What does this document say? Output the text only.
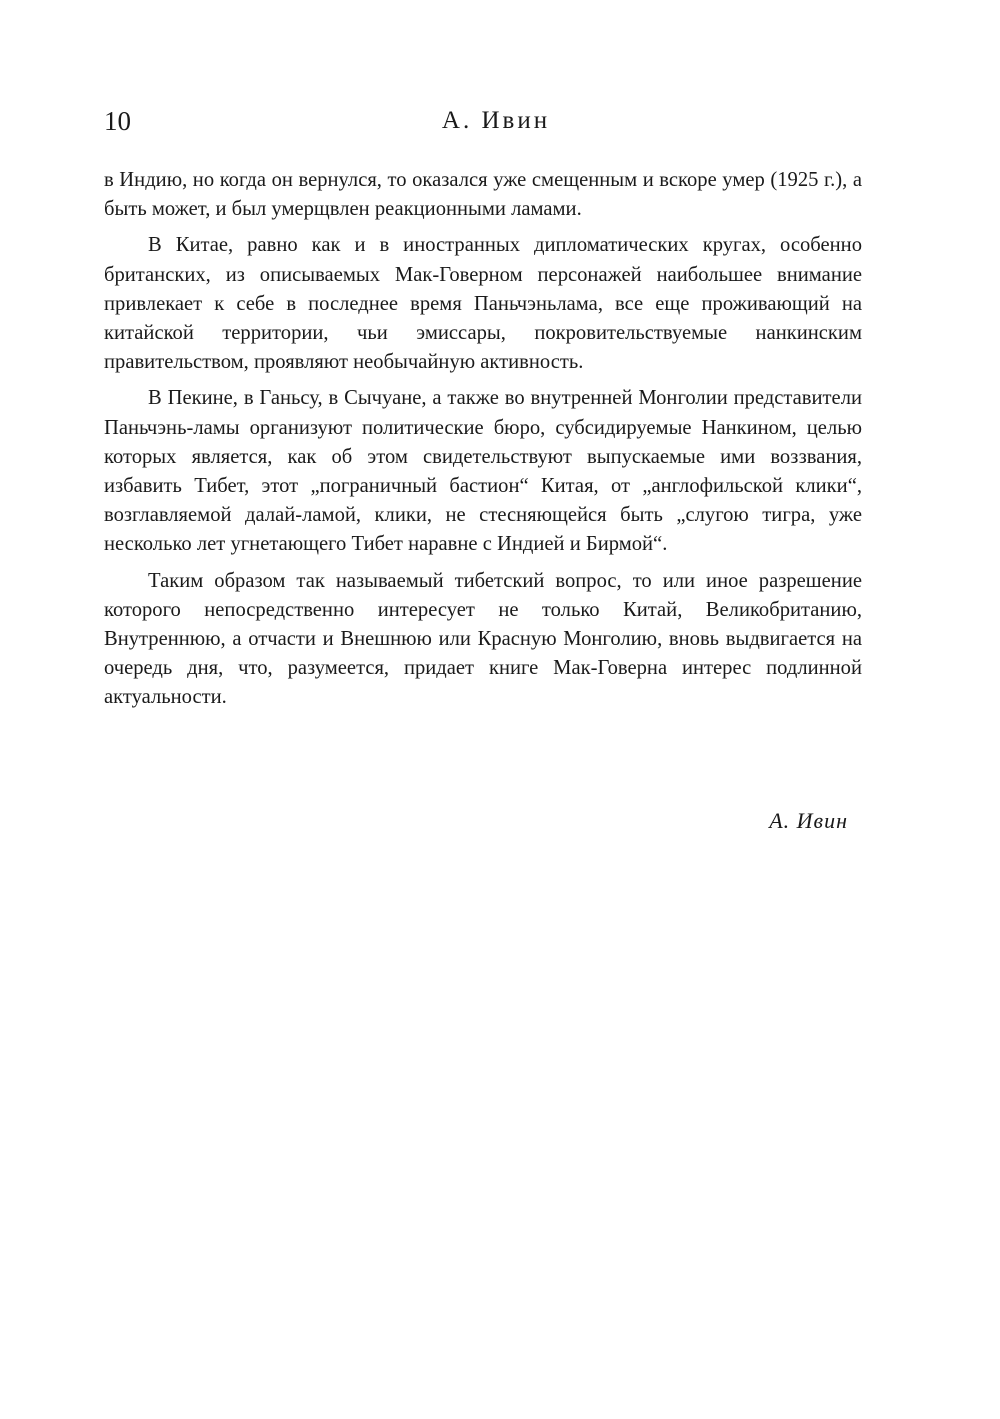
10	А. Ивин

в Индию, но когда он вернулся, то оказался уже смещенным и вскоре умер (1925 г.), а быть может, и был умерщвлен реакционными ламами.

В Китае, равно как и в иностранных дипломатических кругах, особенно британских, из описываемых Мак-Говерном персонажей наибольшее внимание привлекает к себе в последнее время Паньчэньлама, все еще проживающий на китайской территории, чьи эмиссары, покровительствуемые нанкинским правительством, проявляют необычайную активность.

В Пекине, в Ганьсу, в Сычуане, а также во внутренней Монголии представители Паньчэнь-ламы организуют политические бюро, субсидируемые Нанкином, целью которых является, как об этом свидетельствуют выпускаемые ими воззвания, избавить Тибет, этот „пограничный бастион“ Китая, от „англофильской клики“, возглавляемой далай-ламой, клики, не стесняющейся быть „слугою тигра, уже несколько лет угнетающего Тибет наравне с Индией и Бирмой“.

Таким образом так называемый тибетский вопрос, то или иное разрешение которого непосредственно интересует не только Китай, Великобританию, Внутреннюю, а отчасти и Внешнюю или Красную Монголию, вновь выдвигается на очередь дня, что, разумеется, придает книге Мак-Говерна интерес подлинной актуальности.

А. Ивин
